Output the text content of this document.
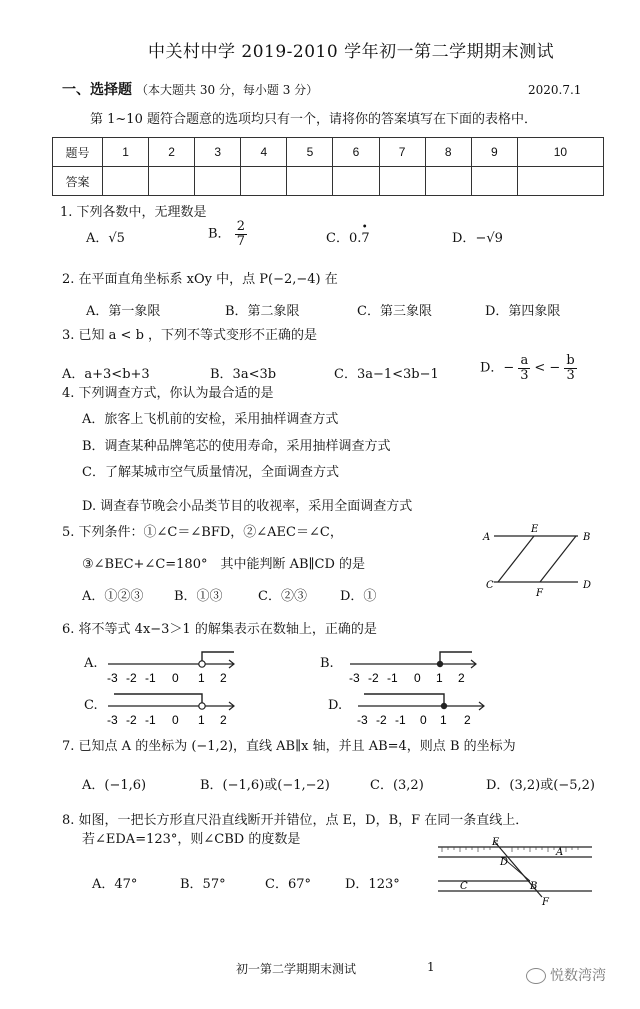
中关村中学 2019-2010 学年初一第二学期期末测试
一、选择题 （本大题共 30 分，每小题 3 分）	2020.7.1
第 1~10 题符合题意的选项均只有一个，请将你的答案填写在下面的表格中．
题号	1	2	3	4	5	6	7	8	9	10
答案										
1. 下列各数中，无理数是
A．√5	B． $\frac{2}{7}$	C．0.7
•
D．−√9
2. 在平面直角坐标系 xOy 中，点 P(−2,−4) 在
A．第一象限	B．第二象限	C．第三象限	D．第四象限
3. 已知 a < b ，下列不等式变形不正确的是
A．a+3<b+3	B．3a<3b	C．3a−1<3b−1	D．− $\frac{a}{3}$ < − $\frac{b}{3}$
4. 下列调查方式，你认为最合适的是
A．旅客上飞机前的安检，采用抽样调查方式
B．调查某种品牌笔芯的使用寿命，采用抽样调查方式
C．了解某城市空气质量情况，全面调查方式
D. 调查春节晚会小品类节目的收视率，采用全面调查方式
5. 下列条件：①∠C＝∠BFD，②∠AEC＝∠C，
③∠BEC+∠C=180°　其中能判断 AB∥CD 的是
A．①②③ B．①③	C．②③	D．①
A
E
B
C
F
D
6. 将不等式 4x−3＞1 的解集表示在数轴上，正确的是
A.
-3 -2 -1 0 1 2
B.
-3 -2 -1 0 1 2
C.
-3 -2 -1 0 1 2
D.
-3 -2 -1 0 1 2
7. 已知点 A 的坐标为 (−1,2)，直线 AB∥x 轴，并且 AB=4，则点 B 的坐标为
A．(−1,6)	B．(−1,6)或(−1,−2)	C．(3,2)	D．(3,2)或(−5,2)
8. 如图，一把长方形直尺沿直线断开并错位，点 E，D，B，F 在同一条直线上．
若∠EDA=123°，则∠CBD 的度数是
A．47°	B．57°	C．67°	D．123°
E
D
A
C	B
F
初一第二学期期末测试	1
悦数湾湾
